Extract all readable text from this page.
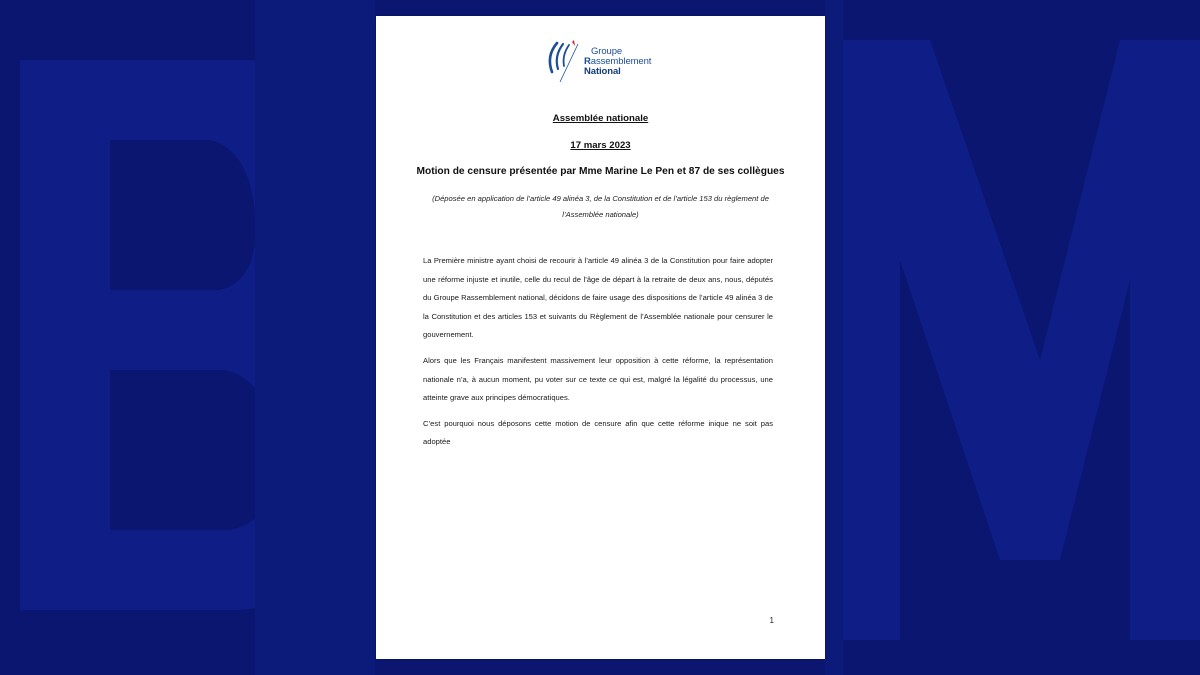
Groupe
Rassemblement
National
Assemblée nationale
17 mars 2023
Motion de censure présentée par Mme Marine Le Pen et 87 de ses collègues
(Déposée en application de l’article 49 alinéa 3, de la Constitution et de l’article 153 du règlement de l’Assemblée nationale)

La Première ministre ayant choisi de recourir à l’article 49 alinéa 3 de la Constitution pour faire adopter une réforme injuste et inutile, celle du recul de l’âge de départ à la retraite de deux ans, nous, députés du Groupe Rassemblement national, décidons de faire usage des dispositions de l’article 49 alinéa 3 de la Constitution et des articles 153 et suivants du Règlement de l’Assemblée nationale pour censurer le gouvernement.

Alors que les Français manifestent massivement leur opposition à cette réforme, la représentation nationale n’a, à aucun moment, pu voter sur ce texte ce qui est, malgré la légalité du processus, une atteinte grave aux principes démocratiques.

C’est pourquoi nous déposons cette motion de censure afin que cette réforme inique ne soit pas adoptée

1
